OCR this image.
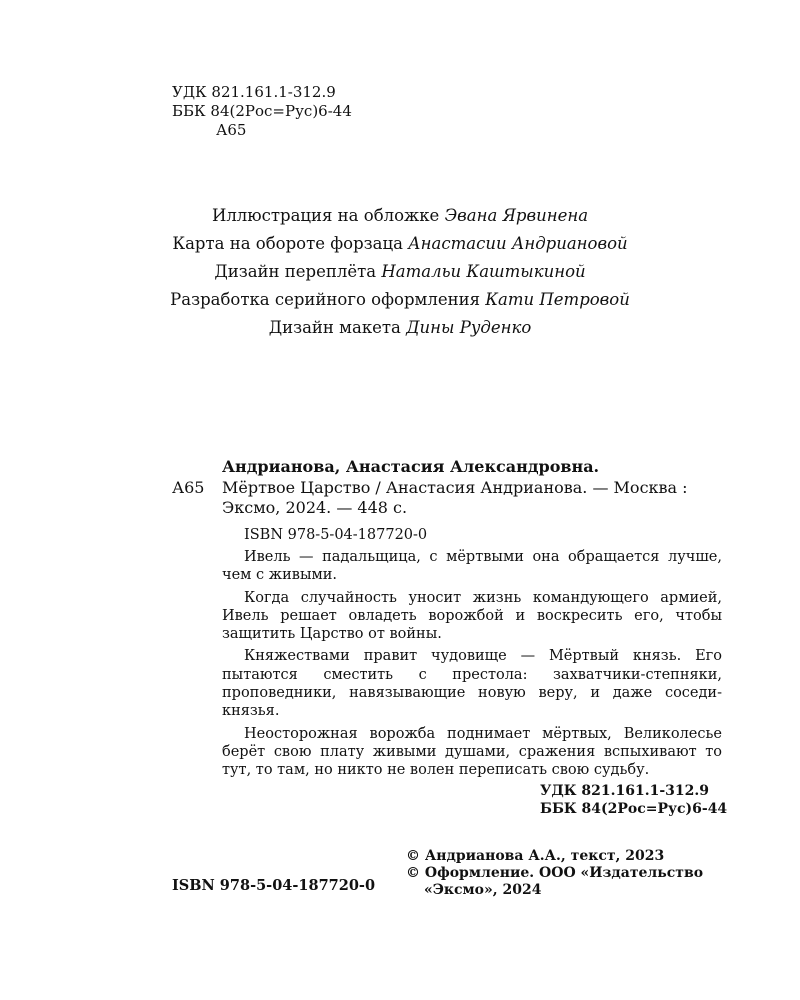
УДК 821.161.1-312.9
ББК 84(2Рос=Рус)6-44
А65
Иллюстрация на обложке Эвана Ярвинена
Карта на обороте форзаца Анастасии Андриановой
Дизайн переплёта Натальи Каштыкиной
Разработка серийного оформления Кати Петровой
Дизайн макета Дины Руденко
Андрианова, Анастасия Александровна.
А65 Мёртвое Царство / Анастасия Андрианова. — Москва : Эксмо, 2024. — 448 с.
ISBN 978-5-04-187720-0

Ивель — падальщица, с мёртвыми она обращается лучше, чем с живыми.

Когда случайность уносит жизнь командующего армией, Ивель решает овладеть ворожбой и воскресить его, чтобы защитить Царство от войны.

Княжествами правит чудовище — Мёртвый князь. Его пытаются сместить с престола: захватчики-степняки, проповедники, навязывающие новую веру, и даже соседи-князья.

Неосторожная ворожба поднимает мёртвых, Великолесье берёт свою плату живыми душами, сражения вспыхивают то тут, то там, но никто не волен переписать свою судьбу.

УДК 821.161.1-312.9
ББК 84(2Рос=Рус)6-44
© Андрианова А.А., текст, 2023
© Оформление. ООО «Издательство
«Эксмо», 2024
ISBN 978-5-04-187720-0
